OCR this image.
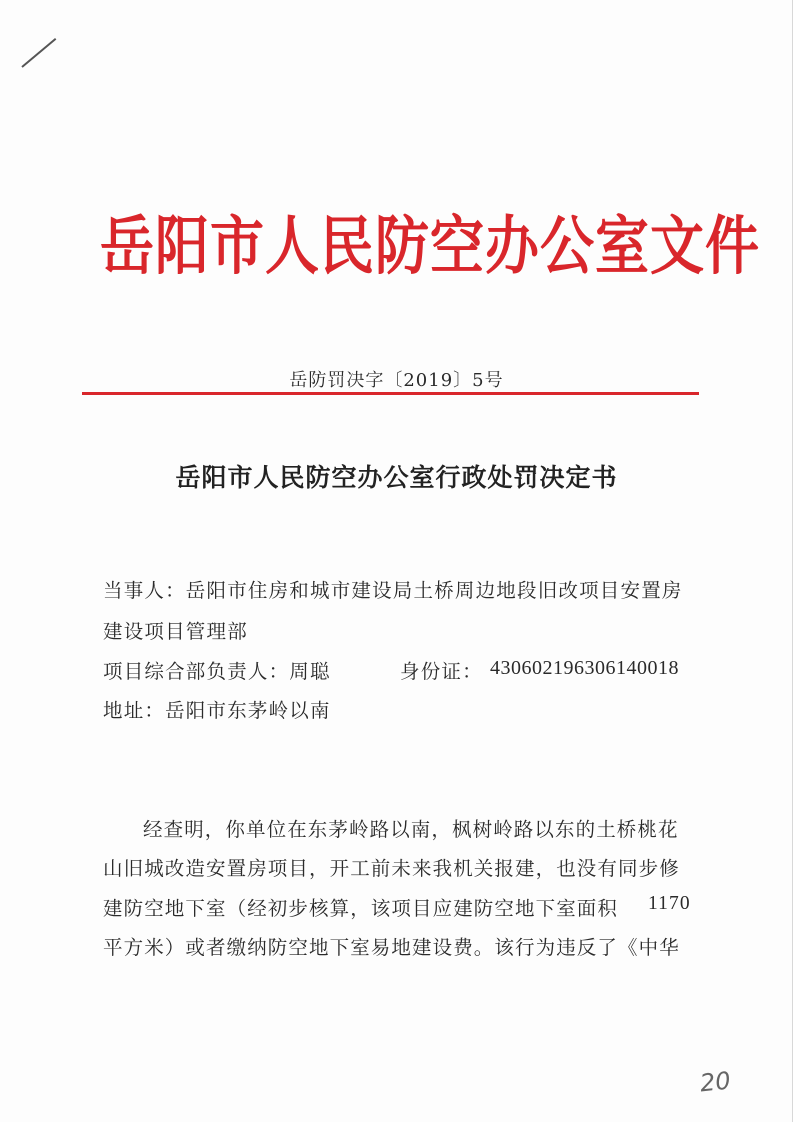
岳阳市人民防空办公室文件
岳防罚决字〔2019〕5号
岳阳市人民防空办公室行政处罚决定书
当事人：岳阳市住房和城市建设局土桥周边地段旧改项目安置房
建设项目管理部
项目综合部负责人：周聪	身份证： 430602196306140018
地址：岳阳市东茅岭以南
经查明，你单位在东茅岭路以南，枫树岭路以东的土桥桃花
山旧城改造安置房项目，开工前未来我机关报建，也没有同步修
建防空地下室（经初步核算，该项目应建防空地下室面积 1170
平方米）或者缴纳防空地下室易地建设费。该行为违反了《中华
20
